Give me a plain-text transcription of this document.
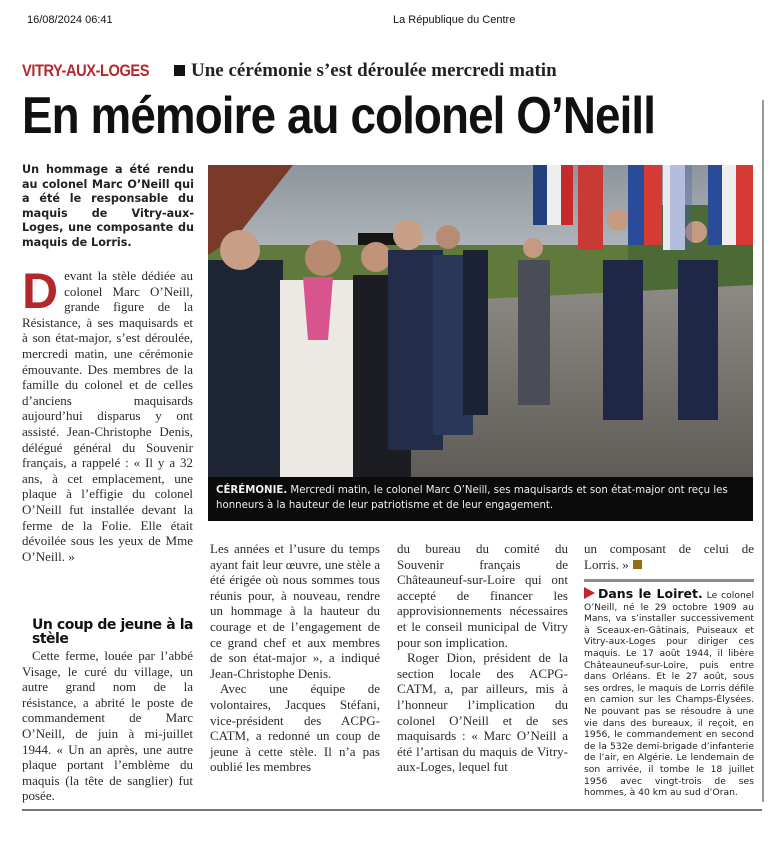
16/08/2024 06:41	La République du Centre
VITRY-AUX-LOGES Une cérémonie s’est déroulée mercredi matin
En mémoire au colonel O’Neill
Un hommage a été rendu au colonel Marc O’Neill qui a été le responsable du maquis de Vitry-aux-Loges, une composante du maquis de Lorris.

Devant la stèle dédiée au colonel Marc O’Neill, grande figure de la Résistance, à ses maquisards et à son état-major, s’est déroulée, mercredi matin, une cérémonie émouvante. Des membres de la famille du colonel et de celles d’anciens maquisards aujourd’hui disparus y ont assisté. Jean-Christophe Denis, délégué général du Souvenir français, a rappelé : « Il y a 32 ans, à cet emplacement, une plaque à l’effigie du colonel O’Neill fut installée devant la ferme de la Folie. Elle était dévoilée sous les yeux de Mme O’Neill. »

Un coup de jeune à la stèle

Cette ferme, louée par l’abbé Visage, le curé du village, un autre grand nom de la résistance, a abrité le poste de commandement de Marc O’Neill, de juin à mi-juillet 1944. « Un an après, une autre plaque portant l’emblème du maquis (la tête de sanglier) fut posée.

CÉRÉMONIE. Mercredi matin, le colonel Marc O’Neill, ses maquisards et son état-major ont reçu les honneurs à la hauteur de leur patriotisme et de leur engagement.

Les années et l’usure du temps ayant fait leur œuvre, une stèle a été érigée où nous sommes tous réunis pour, à nouveau, rendre un hommage à la hauteur du courage et de l’engagement de ce grand chef et aux membres de son état-major », a indiqué Jean-Christophe Denis.

Avec une équipe de volontaires, Jacques Stéfani, vice-président des ACPG-CATM, a redonné un coup de jeune à cette stèle. Il n’a pas oublié les membres

du bureau du comité du Souvenir français de Châteauneuf-sur-Loire qui ont accepté de financer les approvisionnements nécessaires et le conseil municipal de Vitry pour son implication.

Roger Dion, président de la section locale des ACPG-CATM, a, par ailleurs, mis à l’honneur l’implication du colonel O’Neill et de ses maquisards : « Marc O’Neill a été l’artisan du maquis de Vitry-aux-Loges, lequel fut

un composant de celui de Lorris. »

Dans le Loiret. Le colonel O’Neill, né le 29 octobre 1909 au Mans, va s’installer successivement à Sceaux-en-Gâtinais, Puiseaux et Vitry-aux-Loges pour diriger ces maquis. Le 17 août 1944, il libère Châteauneuf-sur-Loire, puis entre dans Orléans. Et le 27 août, sous ses ordres, le maquis de Lorris défile en camion sur les Champs-Élysées. Ne pouvant pas se résoudre à une vie dans des bureaux, il reçoit, en 1956, le commandement en second de la 532e demi-brigade d’infanterie de l’air, en Algérie. Le lendemain de son arrivée, il tombe le 18 juillet 1956 avec vingt-trois de ses hommes, à 40 km au sud d’Oran.
